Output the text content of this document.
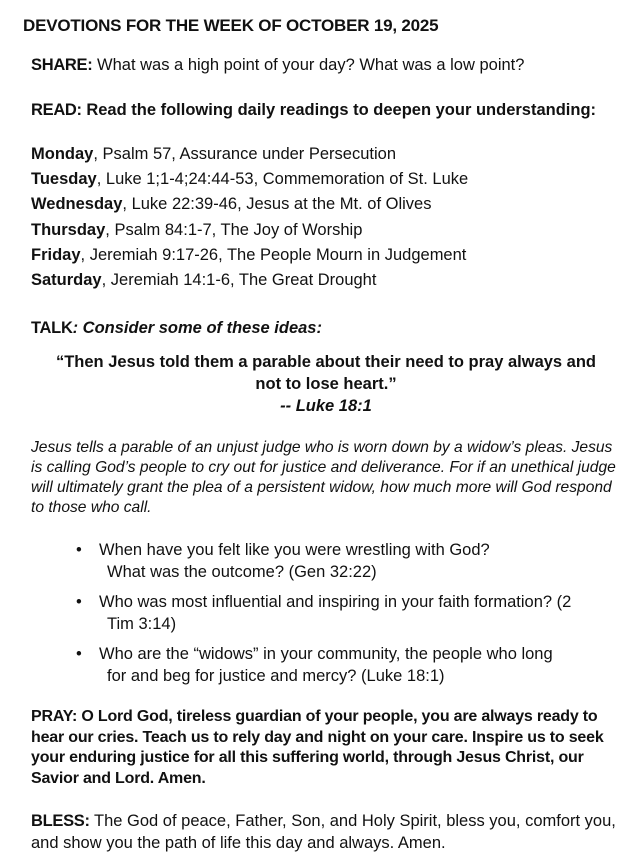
DEVOTIONS FOR THE WEEK OF OCTOBER 19, 2025
SHARE: What was a high point of your day? What was a low point?
READ: Read the following daily readings to deepen your understanding:
Monday, Psalm 57, Assurance under Persecution
Tuesday, Luke 1;1-4;24:44-53, Commemoration of St. Luke
Wednesday, Luke 22:39-46, Jesus at the Mt. of Olives
Thursday, Psalm 84:1-7, The Joy of Worship
Friday, Jeremiah 9:17-26, The People Mourn in Judgement
Saturday, Jeremiah 14:1-6, The Great Drought
TALK: Consider some of these ideas:
“Then Jesus told them a parable about their need to pray always and
not to lose heart.”
-- Luke 18:1
Jesus tells a parable of an unjust judge who is worn down by a widow’s pleas. Jesus is calling God’s people to cry out for justice and deliverance. For if an unethical judge will ultimately grant the plea of a persistent widow, how much more will God respond to those who call.
• When have you felt like you were wrestling with God?
What was the outcome? (Gen 32:22)
• Who was most influential and inspiring in your faith formation? (2
Tim 3:14)
• Who are the “widows” in your community, the people who long
for and beg for justice and mercy? (Luke 18:1)
PRAY: O Lord God, tireless guardian of your people, you are always ready to hear our cries. Teach us to rely day and night on your care. Inspire us to seek your enduring justice for all this suffering world, through Jesus Christ, our Savior and Lord. Amen.
BLESS: The God of peace, Father, Son, and Holy Spirit, bless you, comfort you, and show you the path of life this day and always. Amen.
